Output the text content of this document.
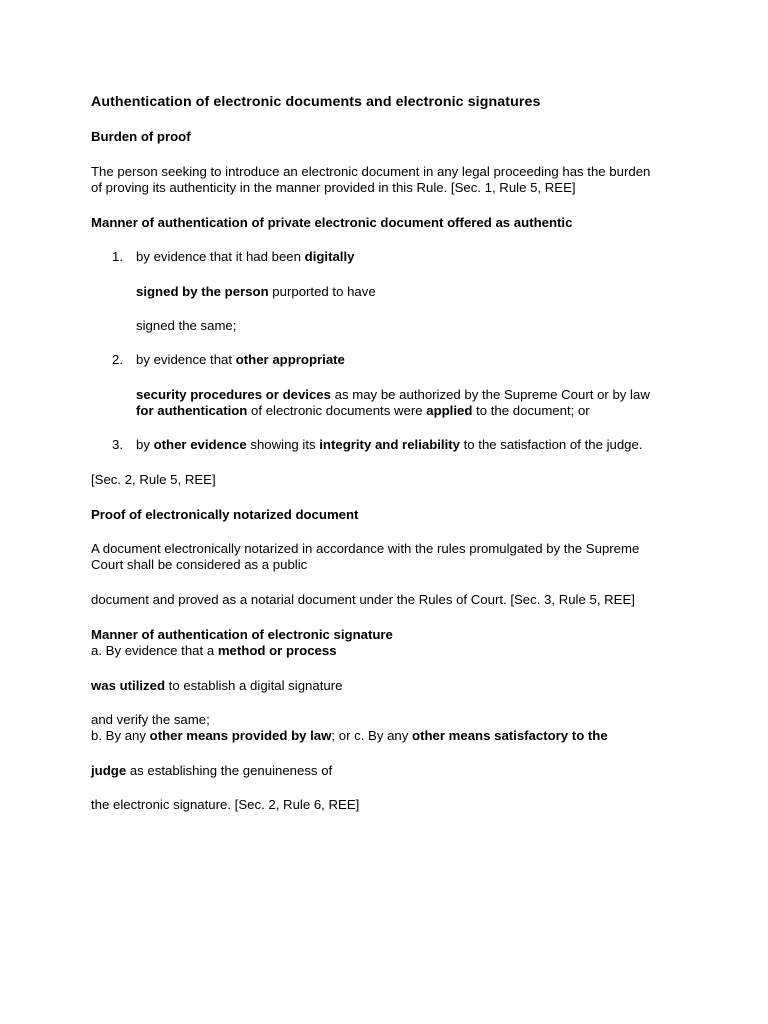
Authentication of electronic documents and electronic signatures
Burden of proof
The person seeking to introduce an electronic document in any legal proceeding has the burden
of proving its authenticity in the manner provided in this Rule. [Sec. 1, Rule 5, REE]
Manner of authentication of private electronic document offered as authentic
1. by evidence that it had been digitally
signed by the person purported to have
signed the same;
2. by evidence that other appropriate
security procedures or devices as may be authorized by the Supreme Court or by law
for authentication of electronic documents were applied to the document; or
3. by other evidence showing its integrity and reliability to the satisfaction of the judge.
[Sec. 2, Rule 5, REE]
Proof of electronically notarized document
A document electronically notarized in accordance with the rules promulgated by the Supreme
Court shall be considered as a public
document and proved as a notarial document under the Rules of Court. [Sec. 3, Rule 5, REE]
Manner of authentication of electronic signature
a. By evidence that a method or process
was utilized to establish a digital signature
and verify the same;
b. By any other means provided by law; or c. By any other means satisfactory to the
judge as establishing the genuineness of
the electronic signature. [Sec. 2, Rule 6, REE]
